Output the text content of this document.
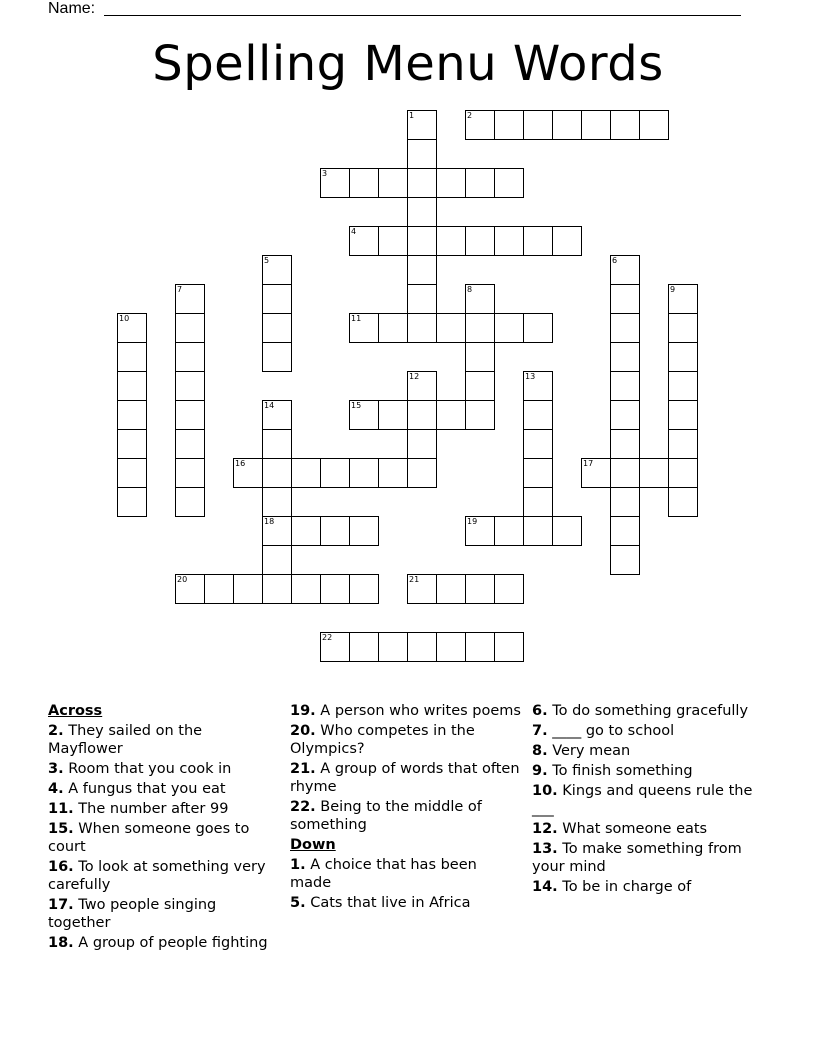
Name:
Spelling Menu Words
1	2
3
4
5	6
7	8	9
10	11
12	13
14
18
15
16	17
19
20	21
22
Across
2. They sailed on the Mayflower
3. Room that you cook in
4. A fungus that you eat
11. The number after 99
15. When someone goes to court
16. To look at something very carefully
17. Two people singing together
18. A group of people fighting
19. A person who writes poems
20. Who competes in the Olympics?
21. A group of words that often rhyme
22. Being to the middle of something
Down
1. A choice that has been made
5. Cats that live in Africa
6. To do something gracefully
7. ____ go to school
8. Very mean
9. To finish something
10. Kings and queens rule the ___
12. What someone eats
13. To make something from your mind
14. To be in charge of
